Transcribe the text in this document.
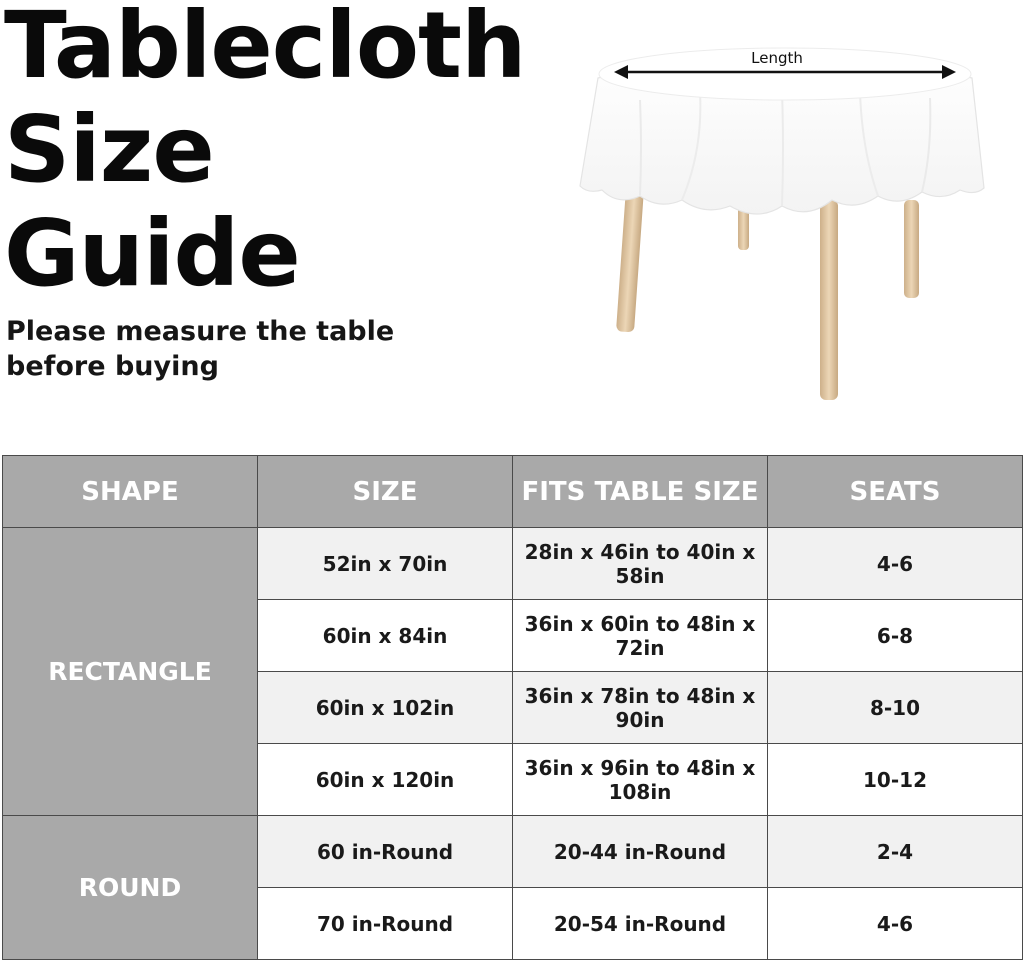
Tablecloth
Size
Guide
Please measure the table
before buying
Length
SHAPE	SIZE	FITS TABLE SIZE	SEATS
RECTANGLE	52in x 70in	28in x 46in to 40in x 58in	4-6
	60in x 84in	36in x 60in to 48in x 72in	6-8
	60in x 102in	36in x 78in to 48in x 90in	8-10
	60in x 120in	36in x 96in to 48in x 108in	10-12
ROUND	60 in-Round	20-44 in-Round	2-4
	70 in-Round	20-54 in-Round	4-6
